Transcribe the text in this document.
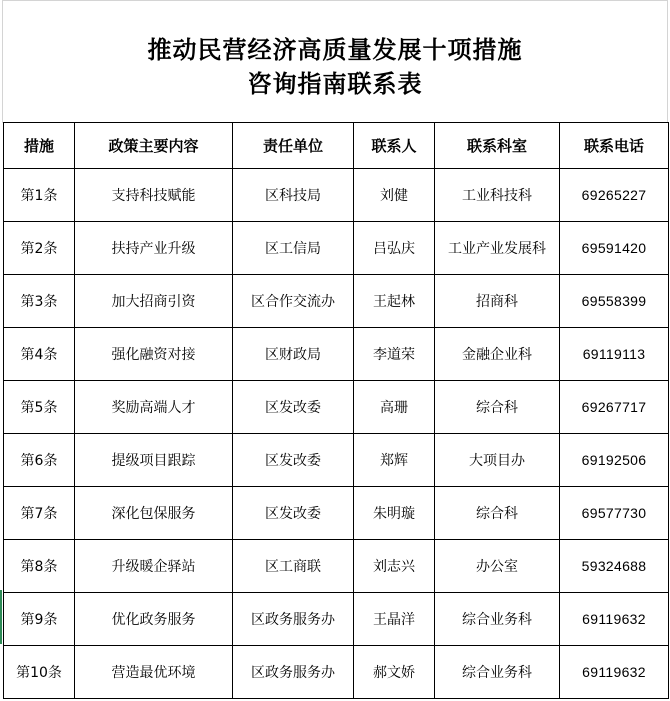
推动民营经济高质量发展十项措施
咨询指南联系表
措施	政策主要内容	责任单位	联系人	联系科室	联系电话
第1条	支持科技赋能	区科技局	刘健	工业科技科	69265227
第2条	扶持产业升级	区工信局	吕弘庆	工业产业发展科	69591420
第3条	加大招商引资	区合作交流办	王起林	招商科	69558399
第4条	强化融资对接	区财政局	李道荣	金融企业科	69119113
第5条	奖励高端人才	区发改委	高珊	综合科	69267717
第6条	提级项目跟踪	区发改委	郑辉	大项目办	69192506
第7条	深化包保服务	区发改委	朱明璇	综合科	69577730
第8条	升级暖企驿站	区工商联	刘志兴	办公室	59324688
第9条	优化政务服务	区政务服务办	王晶洋	综合业务科	69119632
第10条	营造最优环境	区政务服务办	郝文娇	综合业务科	69119632
